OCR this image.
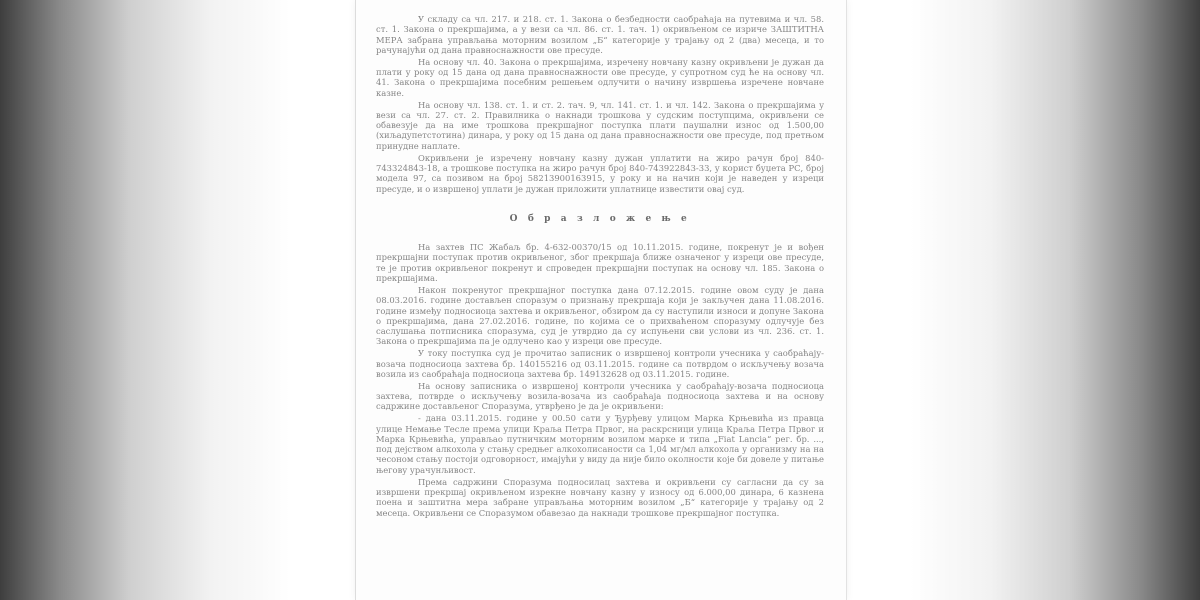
У складу са чл. 217. и 218. ст. 1. Закона о безбедности саобраћаја на путевима и чл. 58. ст. 1. Закона о прекршајима, а у вези са чл. 86. ст. 1. тач. 1) окривљеном се изриче ЗАШТИТНА МЕРА забрана управљања моторним возилом „Б“ категорије у трајању од 2 (два) месеца, и то рачунајући од дана правноснажности ове пресуде.

На основу чл. 40. Закона о прекршајима, изречену новчану казну окривљени је дужан да плати у року од 15 дана од дана правноснажности ове пресуде, у супротном суд ће на основу чл. 41. Закона о прекршајима посебним решењем одлучити о начину извршења изречене новчане казне.

На основу чл. 138. ст. 1. и ст. 2. тач. 9, чл. 141. ст. 1. и чл. 142. Закона о прекршајима у вези са чл. 27. ст. 2. Правилника о накнади трошкова у судским поступцима, окривљени се обавезује да на име трошкова прекршајног поступка плати паушални износ од 1.500,00 (хиљадупетстотина) динара, у року од 15 дана од дана правноснажности ове пресуде, под претњом принудне наплате.

Окривљени је изречену новчану казну дужан уплатити на жиро рачун број 840-743324843-18, а трошкове поступка на жиро рачун број 840-743922843-33, у корист буџета РС, број модела 97, са позивом на број 58213900163915, у року и на начин који је наведен у изреци пресуде, и о извршеној уплати је дужан приложити уплатнице известити овај суд.

О б р а з л о ж е њ е

На захтев ПС Жабаљ бр. 4-632-00370/15 од 10.11.2015. године, покренут је и вођен прекршајни поступак против окривљеног, због прекршаја ближе означеног у изреци ове пресуде, те је против окривљеног покренут и спроведен прекршајни поступак на основу чл. 185. Закона о прекршајима.

Након покренутог прекршајног поступка дана 07.12.2015. године овом суду је дана 08.03.2016. године достављен споразум о признању прекршаја који је закључен дана 11.08.2016. године између подносиоца захтева и окривљеног, обзиром да су наступили износи и допуне Закона о прекршајима, дана 27.02.2016. године, по којима се о прихваћеном споразуму одлучује без саслушања потписника споразума, суд је утврдио да су испуњени сви услови из чл. 236. ст. 1. Закона о прекршајима па је одлучено као у изреци ове пресуде.

У току поступка суд је прочитао записник о извршеној контроли учесника у саобраћају-возача подносиоца захтева бр. 140155216 од 03.11.2015. године са потврдом о искључењу возача возила из саобраћаја подносиоца захтева бр. 149132628 од 03.11.2015. године.

На основу записника о извршеној контроли учесника у саобраћају-возача подносиоца захтева, потврде о искључењу возила-возача из саобраћаја подносиоца захтева и на основу садржине достављеног Споразума, утврђено је да је окривљени:

- дана 03.11.2015. године у 00.50 сати у Ђурђеву улицом Марка Крњевића из правца улице Немање Тесле према улици Краља Петра Првог, на раскрсници улица Краља Петра Првог и Марка Крњевића, управљао путничким моторним возилом марке и типа „Fiat Lancia“ рег. бр. ..., под дејством алкохола у стању средњег алкохолисаности са 1,04 мг/мл алкохола у организму на на чесоном стању постоји одговорност, имајући у виду да није било околности које би довеле у питање његову урачунљивост.

Према садржини Споразума подносилац захтева и окривљени су сагласни да су за извршени прекршај окривљеном изрекне новчану казну у износу од 6.000,00 динара, 6 казнена поена и заштитна мера забране управљања моторним возилом „Б“ категорије у трајању од 2 месеца. Окривљени се Споразумом обавезао да накнади трошкове прекршајног поступка.
